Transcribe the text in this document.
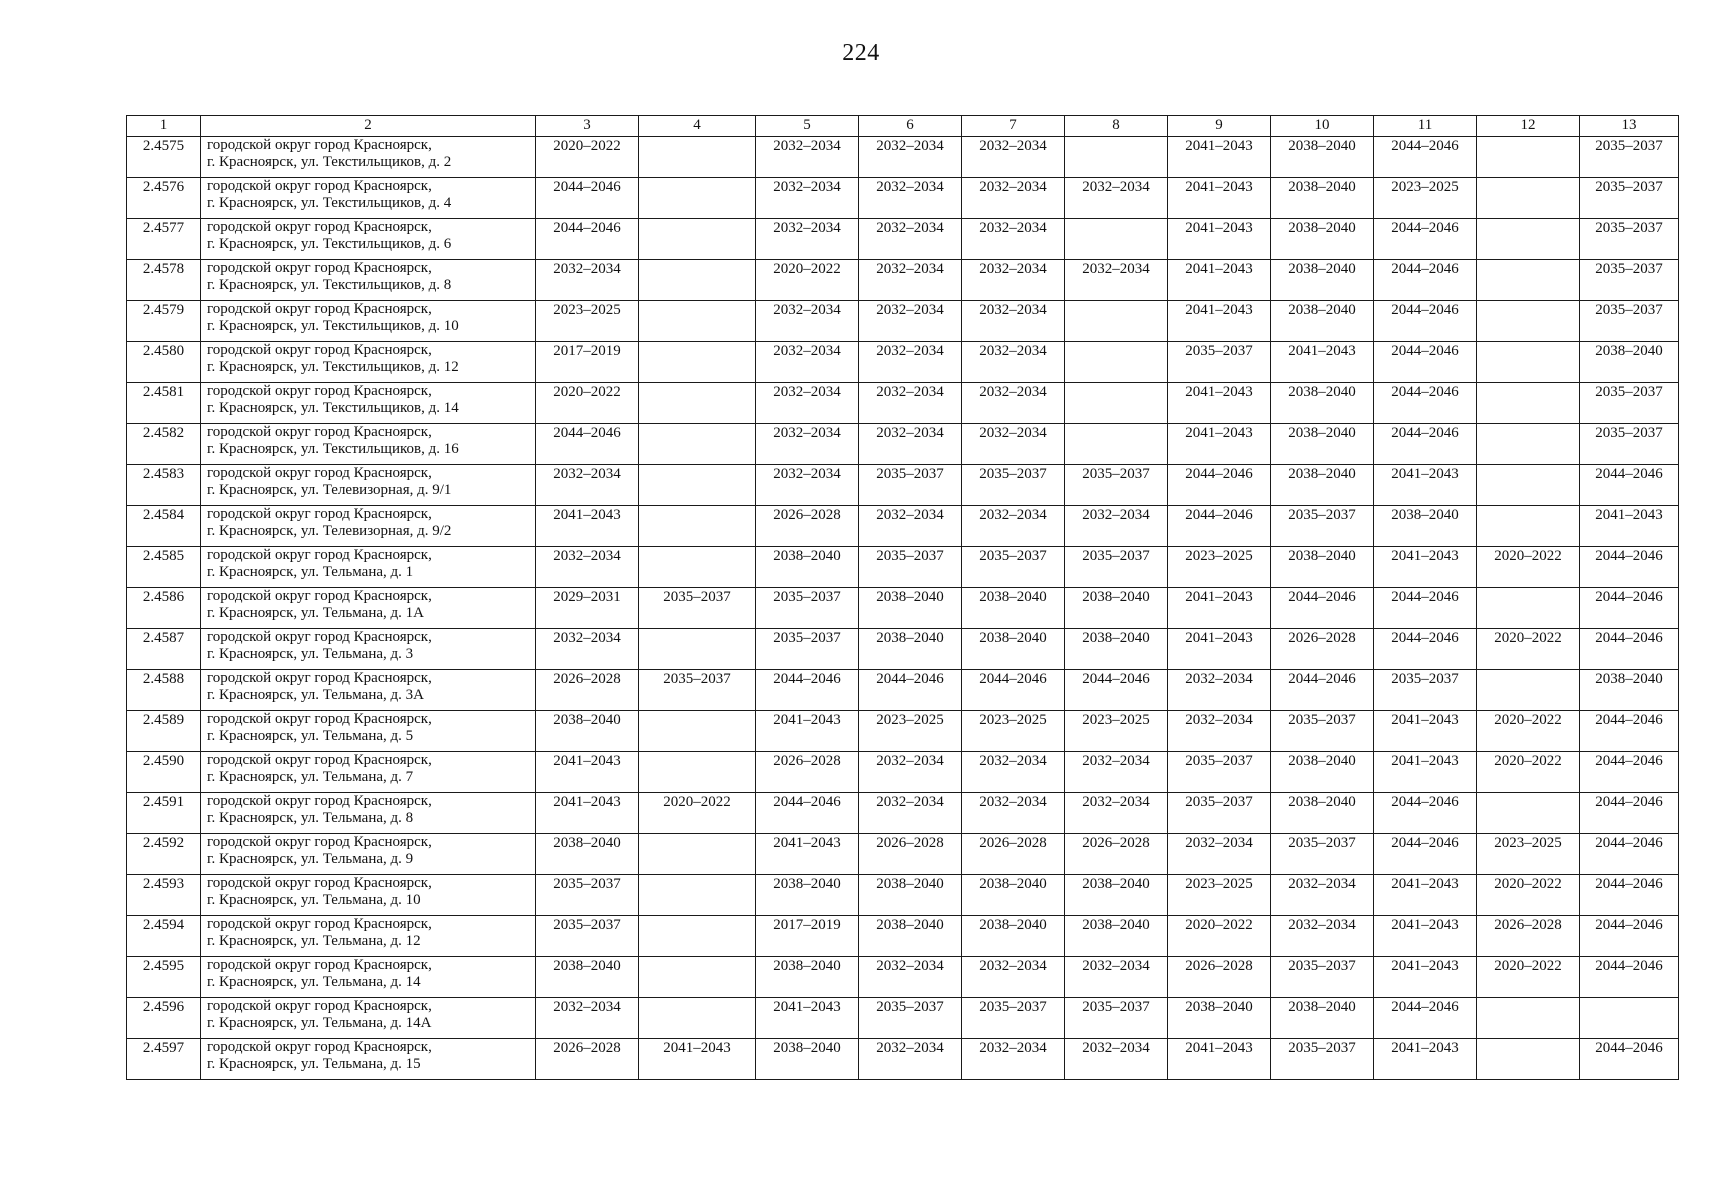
224
1	2	3	4	5	6	7	8	9	10	11	12	13
2.4575	городской округ город Красноярск,
г. Красноярск, ул. Текстильщиков, д. 2	2020–2022		2032–2034	2032–2034	2032–2034		2041–2043	2038–2040	2044–2046		2035–2037
2.4576	городской округ город Красноярск,
г. Красноярск, ул. Текстильщиков, д. 4	2044–2046		2032–2034	2032–2034	2032–2034	2032–2034	2041–2043	2038–2040	2023–2025		2035–2037
2.4577	городской округ город Красноярск,
г. Красноярск, ул. Текстильщиков, д. 6	2044–2046		2032–2034	2032–2034	2032–2034		2041–2043	2038–2040	2044–2046		2035–2037
2.4578	городской округ город Красноярск,
г. Красноярск, ул. Текстильщиков, д. 8	2032–2034		2020–2022	2032–2034	2032–2034	2032–2034	2041–2043	2038–2040	2044–2046		2035–2037
2.4579	городской округ город Красноярск,
г. Красноярск, ул. Текстильщиков, д. 10	2023–2025		2032–2034	2032–2034	2032–2034		2041–2043	2038–2040	2044–2046		2035–2037
2.4580	городской округ город Красноярск,
г. Красноярск, ул. Текстильщиков, д. 12	2017–2019		2032–2034	2032–2034	2032–2034		2035–2037	2041–2043	2044–2046		2038–2040
2.4581	городской округ город Красноярск,
г. Красноярск, ул. Текстильщиков, д. 14	2020–2022		2032–2034	2032–2034	2032–2034		2041–2043	2038–2040	2044–2046		2035–2037
2.4582	городской округ город Красноярск,
г. Красноярск, ул. Текстильщиков, д. 16	2044–2046		2032–2034	2032–2034	2032–2034		2041–2043	2038–2040	2044–2046		2035–2037
2.4583	городской округ город Красноярск,
г. Красноярск, ул. Телевизорная, д. 9/1	2032–2034		2032–2034	2035–2037	2035–2037	2035–2037	2044–2046	2038–2040	2041–2043		2044–2046
2.4584	городской округ город Красноярск,
г. Красноярск, ул. Телевизорная, д. 9/2	2041–2043		2026–2028	2032–2034	2032–2034	2032–2034	2044–2046	2035–2037	2038–2040		2041–2043
2.4585	городской округ город Красноярск,
г. Красноярск, ул. Тельмана, д. 1	2032–2034		2038–2040	2035–2037	2035–2037	2035–2037	2023–2025	2038–2040	2041–2043	2020–2022	2044–2046
2.4586	городской округ город Красноярск,
г. Красноярск, ул. Тельмана, д. 1А	2029–2031	2035–2037	2035–2037	2038–2040	2038–2040	2038–2040	2041–2043	2044–2046	2044–2046		2044–2046
2.4587	городской округ город Красноярск,
г. Красноярск, ул. Тельмана, д. 3	2032–2034		2035–2037	2038–2040	2038–2040	2038–2040	2041–2043	2026–2028	2044–2046	2020–2022	2044–2046
2.4588	городской округ город Красноярск,
г. Красноярск, ул. Тельмана, д. 3А	2026–2028	2035–2037	2044–2046	2044–2046	2044–2046	2044–2046	2032–2034	2044–2046	2035–2037		2038–2040
2.4589	городской округ город Красноярск,
г. Красноярск, ул. Тельмана, д. 5	2038–2040		2041–2043	2023–2025	2023–2025	2023–2025	2032–2034	2035–2037	2041–2043	2020–2022	2044–2046
2.4590	городской округ город Красноярск,
г. Красноярск, ул. Тельмана, д. 7	2041–2043		2026–2028	2032–2034	2032–2034	2032–2034	2035–2037	2038–2040	2041–2043	2020–2022	2044–2046
2.4591	городской округ город Красноярск,
г. Красноярск, ул. Тельмана, д. 8	2041–2043	2020–2022	2044–2046	2032–2034	2032–2034	2032–2034	2035–2037	2038–2040	2044–2046		2044–2046
2.4592	городской округ город Красноярск,
г. Красноярск, ул. Тельмана, д. 9	2038–2040		2041–2043	2026–2028	2026–2028	2026–2028	2032–2034	2035–2037	2044–2046	2023–2025	2044–2046
2.4593	городской округ город Красноярск,
г. Красноярск, ул. Тельмана, д. 10	2035–2037		2038–2040	2038–2040	2038–2040	2038–2040	2023–2025	2032–2034	2041–2043	2020–2022	2044–2046
2.4594	городской округ город Красноярск,
г. Красноярск, ул. Тельмана, д. 12	2035–2037		2017–2019	2038–2040	2038–2040	2038–2040	2020–2022	2032–2034	2041–2043	2026–2028	2044–2046
2.4595	городской округ город Красноярск,
г. Красноярск, ул. Тельмана, д. 14	2038–2040		2038–2040	2032–2034	2032–2034	2032–2034	2026–2028	2035–2037	2041–2043	2020–2022	2044–2046
2.4596	городской округ город Красноярск,
г. Красноярск, ул. Тельмана, д. 14А	2032–2034		2041–2043	2035–2037	2035–2037	2035–2037	2038–2040	2038–2040	2044–2046		
2.4597	городской округ город Красноярск,
г. Красноярск, ул. Тельмана, д. 15	2026–2028	2041–2043	2038–2040	2032–2034	2032–2034	2032–2034	2041–2043	2035–2037	2041–2043		2044–2046
